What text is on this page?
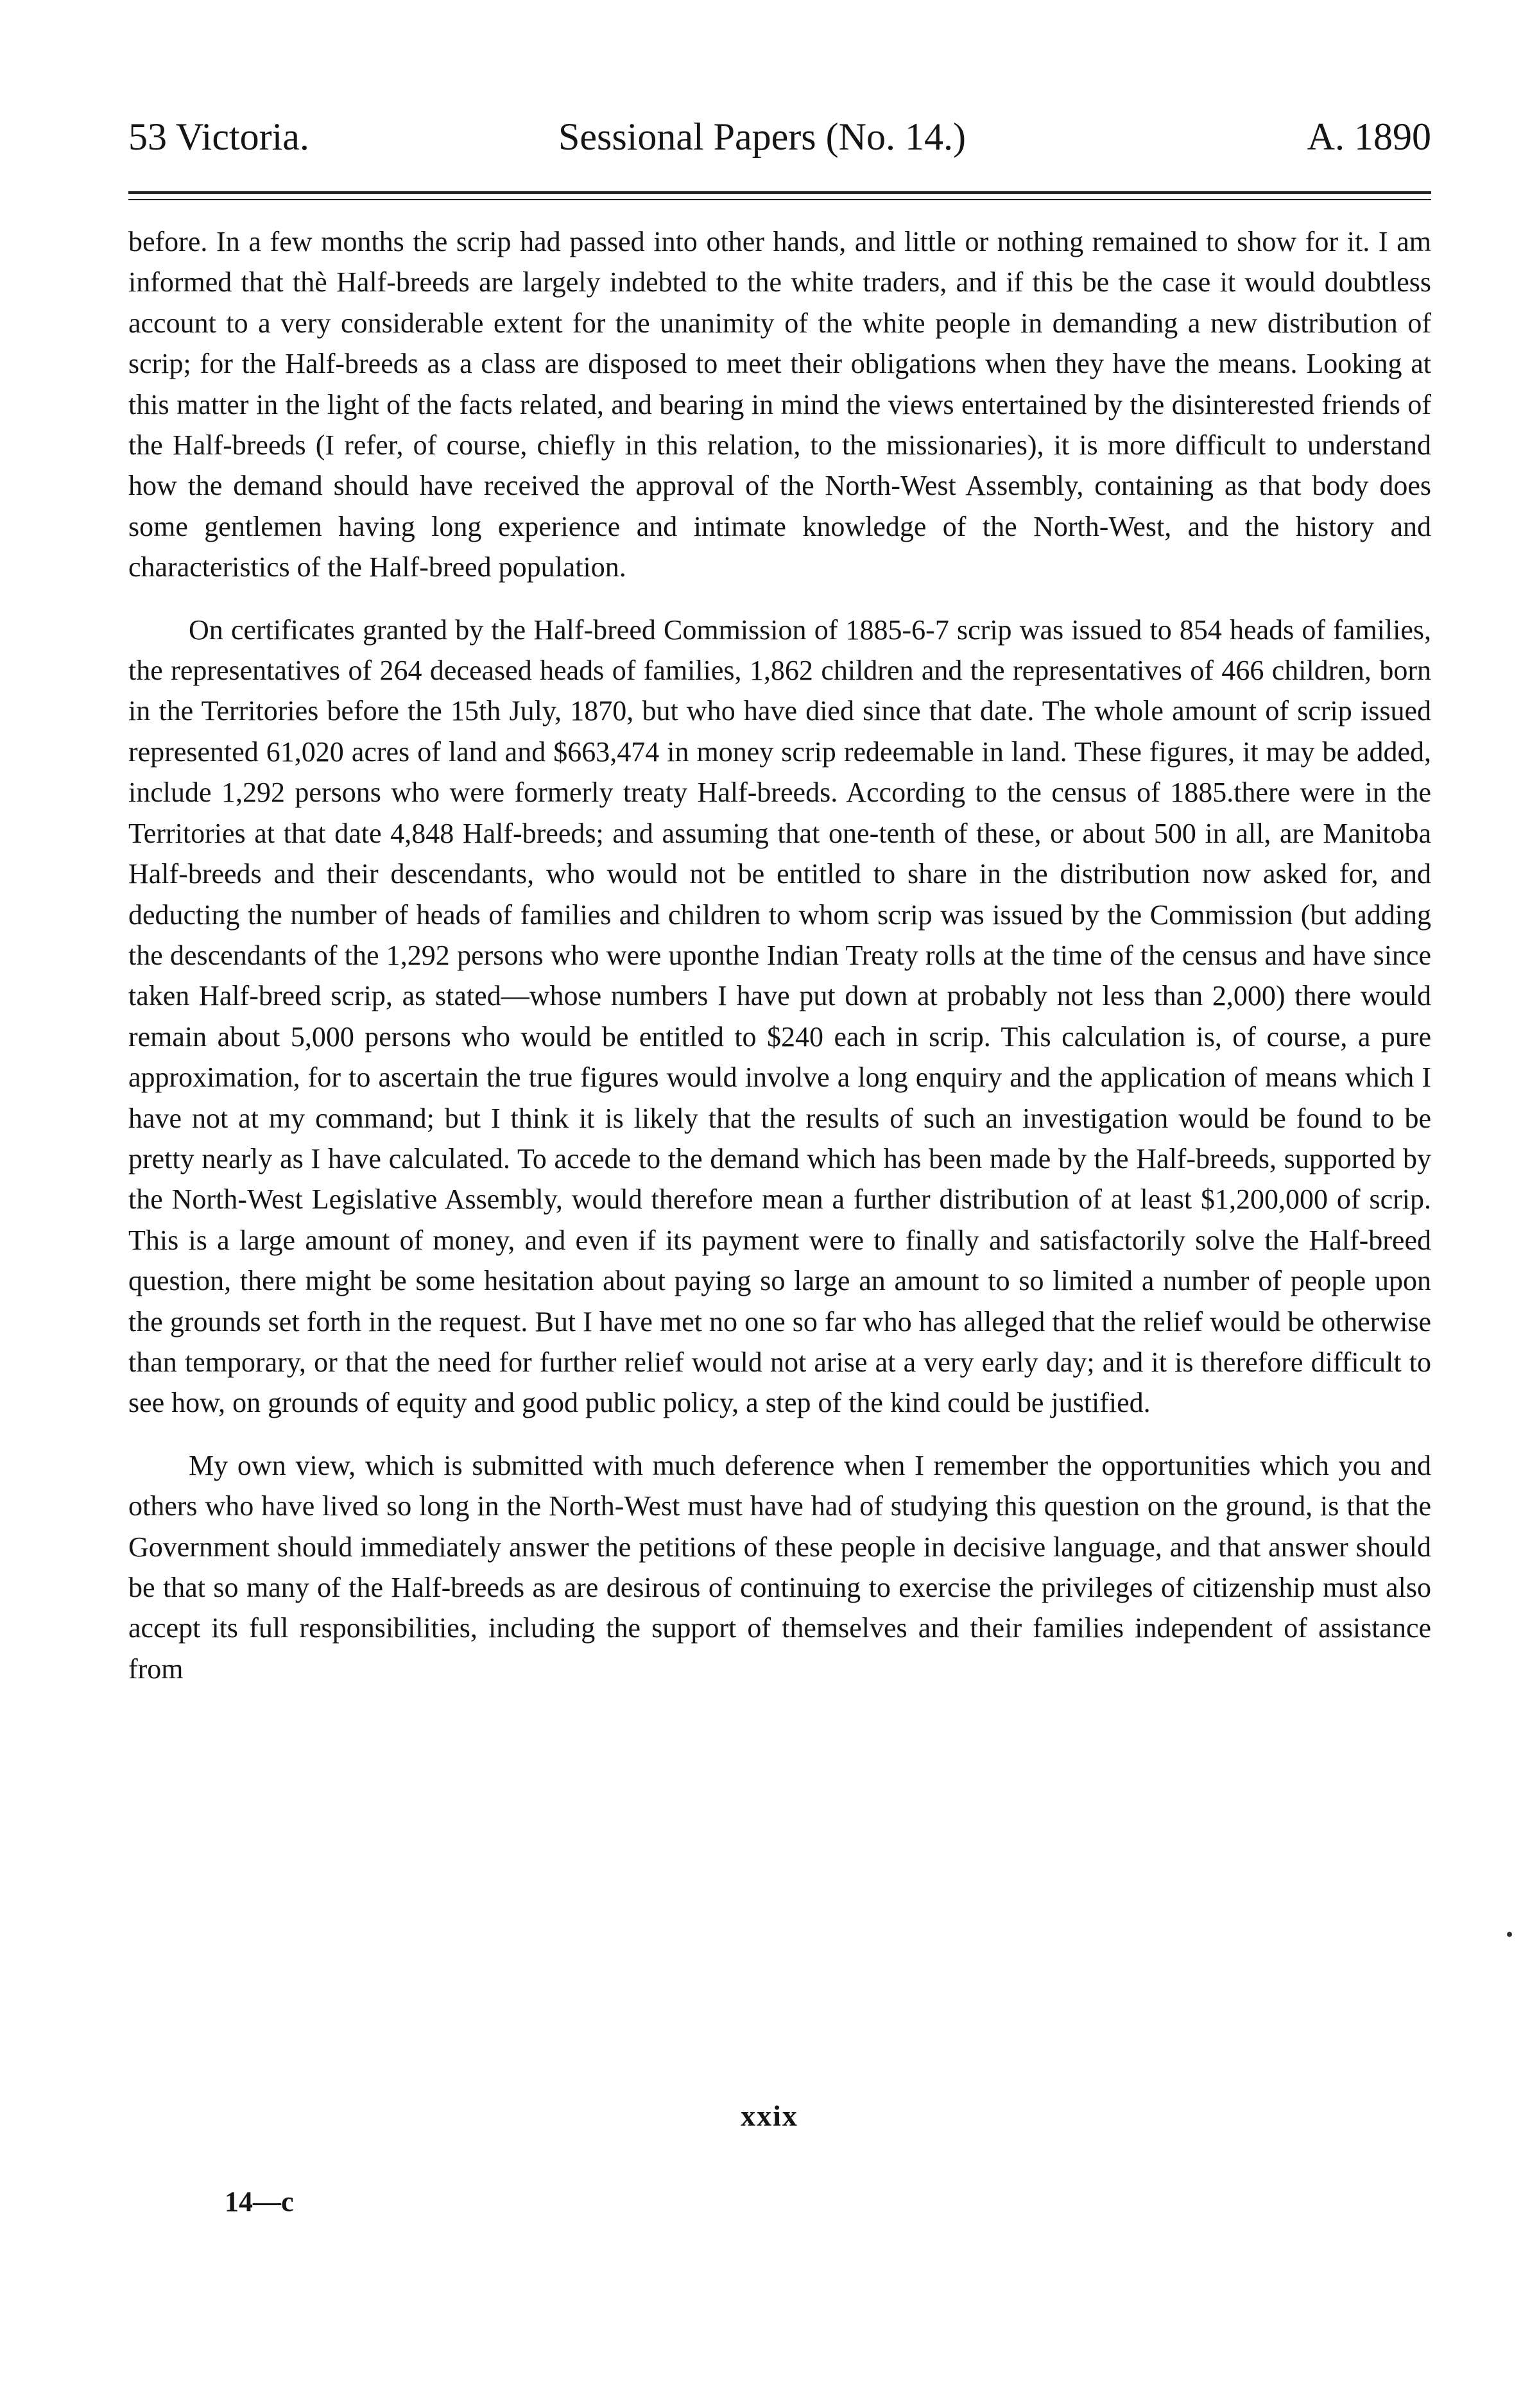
53 Victoria.	Sessional Papers (No. 14.)	A. 1890

before. In a few months the scrip had passed into other hands, and little or nothing remained to show for it. I am informed that thè Half-breeds are largely indebted to the white traders, and if this be the case it would doubtless account to a very considerable extent for the unanimity of the white people in demanding a new distribution of scrip; for the Half-breeds as a class are disposed to meet their obligations when they have the means. Looking at this matter in the light of the facts related, and bearing in mind the views entertained by the disinterested friends of the Half-breeds (I refer, of course, chiefly in this relation, to the missionaries), it is more difficult to understand how the demand should have received the approval of the North-West Assembly, containing as that body does some gentlemen having long experience and intimate knowledge of the North-West, and the history and characteristics of the Half-breed population.

On certificates granted by the Half-breed Commission of 1885-6-7 scrip was issued to 854 heads of families, the representatives of 264 deceased heads of families, 1,862 children and the representatives of 466 children, born in the Territories before the 15th July, 1870, but who have died since that date. The whole amount of scrip issued represented 61,020 acres of land and $663,474 in money scrip redeemable in land. These figures, it may be added, include 1,292 persons who were formerly treaty Half-breeds. According to the census of 1885.there were in the Territories at that date 4,848 Half-breeds; and assuming that one-tenth of these, or about 500 in all, are Manitoba Half-breeds and their descendants, who would not be entitled to share in the distribution now asked for, and deducting the number of heads of families and children to whom scrip was issued by the Commission (but adding the descendants of the 1,292 persons who were uponthe Indian Treaty rolls at the time of the census and have since taken Half-breed scrip, as stated—whose numbers I have put down at probably not less than 2,000) there would remain about 5,000 persons who would be entitled to $240 each in scrip. This calculation is, of course, a pure approximation, for to ascertain the true figures would involve a long enquiry and the application of means which I have not at my command; but I think it is likely that the results of such an investigation would be found to be pretty nearly as I have calculated. To accede to the demand which has been made by the Half-breeds, supported by the North-West Legislative Assembly, would therefore mean a further distribution of at least $1,200,000 of scrip. This is a large amount of money, and even if its payment were to finally and satisfactorily solve the Half-breed question, there might be some hesitation about paying so large an amount to so limited a number of people upon the grounds set forth in the request. But I have met no one so far who has alleged that the relief would be otherwise than temporary, or that the need for further relief would not arise at a very early day; and it is therefore difficult to see how, on grounds of equity and good public policy, a step of the kind could be justified.

My own view, which is submitted with much deference when I remember the opportunities which you and others who have lived so long in the North-West must have had of studying this question on the ground, is that the Government should immediately answer the petitions of these people in decisive language, and that answer should be that so many of the Half-breeds as are desirous of continuing to exercise the privileges of citizenship must also accept its full responsibilities, including the support of themselves and their families independent of assistance from

xxix
14—c
